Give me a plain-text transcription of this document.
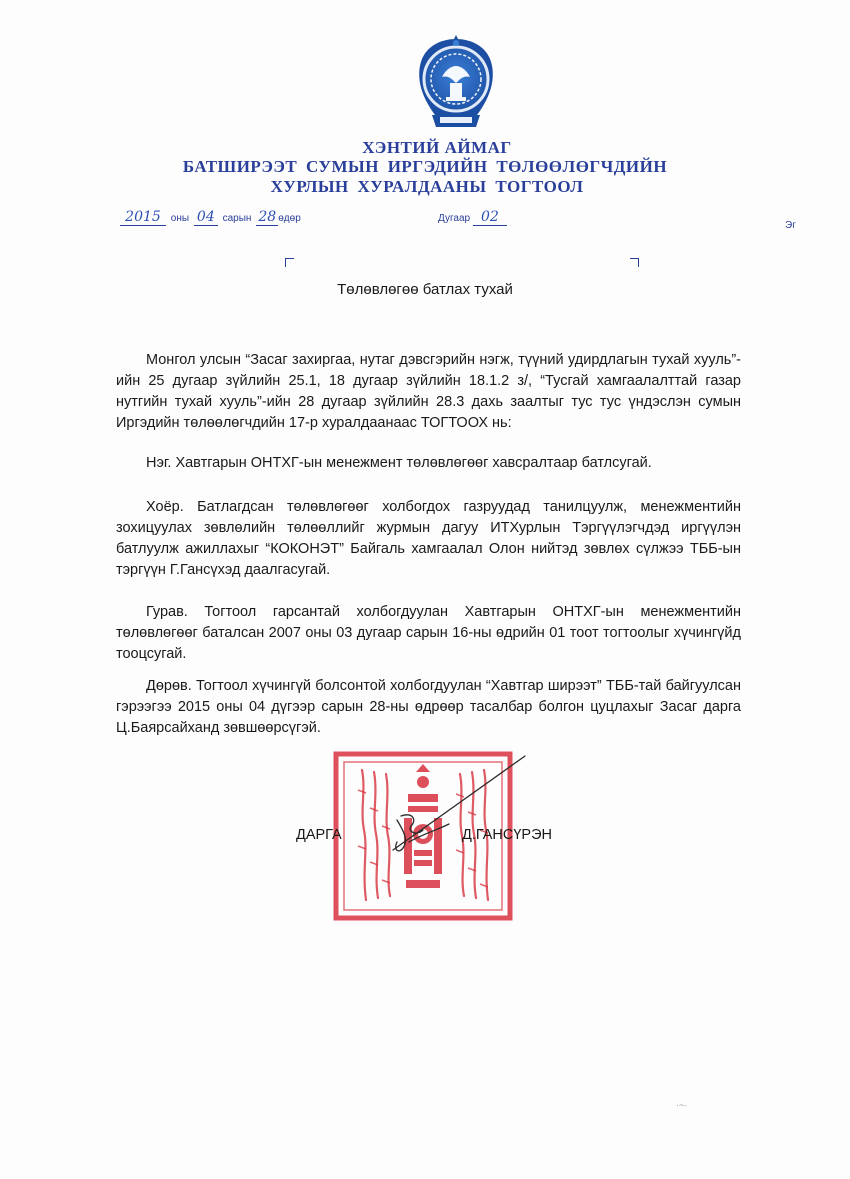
ХЭНТИЙ АЙМАГ
БАТШИРЭЭТ СУМЫН ИРГЭДИЙН ТӨЛӨӨЛӨГЧДИЙН
ХУРЛЫН ХУРАЛДААНЫ ТОГТООЛ
2015 оны 04 сарын 28 өдөр	Дугаар 02
Эг
Төлөвлөгөө батлах тухай
Монгол улсын “Засаг захиргаа, нутаг дэвсгэрийн нэгж, түүний удирдлагын тухай хууль”-ийн 25 дугаар зүйлийн 25.1, 18 дугаар зүйлийн 18.1.2 з/, “Тусгай хамгаалалттай газар нутгийн тухай хууль”-ийн 28 дугаар зүйлийн 28.3 дахь заалтыг тус тус үндэслэн сумын Иргэдийн төлөөлөгчдийн 17-р хуралдаанаас ТОГТООХ нь:
Нэг. Хавтгарын ОНТХГ-ын менежмент төлөвлөгөөг хавсралтаар батлсугай.
Хоёр. Батлагдсан төлөвлөгөөг холбогдох газруудад танилцуулж, менежментийн зохицуулах зөвлөлийн төлөөллийг журмын дагуу ИТХурлын Тэргүүлэгчдэд иргүүлэн батлуулж ажиллахыг “КОКОНЭТ” Байгаль хамгаалал Олон нийтэд зөвлөх сүлжээ ТББ-ын тэргүүн Г.Гансүхэд даалгасугай.
Гурав. Тогтоол гарсантай холбогдуулан Хавтгарын ОНТХГ-ын менежментийн төлөвлөгөөг баталсан 2007 оны 03 дугаар сарын 16-ны өдрийн 01 тоот тогтоолыг хүчингүйд тооцсугай.
Дөрөв. Тогтоол хүчингүй болсонтой холбогдуулан “Хавтгар ширээт” ТББ-тай байгуулсан гэрээгээ 2015 оны 04 дүгээр сарын 28-ны өдрөөр тасалбар болгон цуцлахыг Засаг дарга Ц.Баярсайханд зөвшөөрсүгэй.
ДАРГА	Д.ГАНСҮРЭН
·~·
